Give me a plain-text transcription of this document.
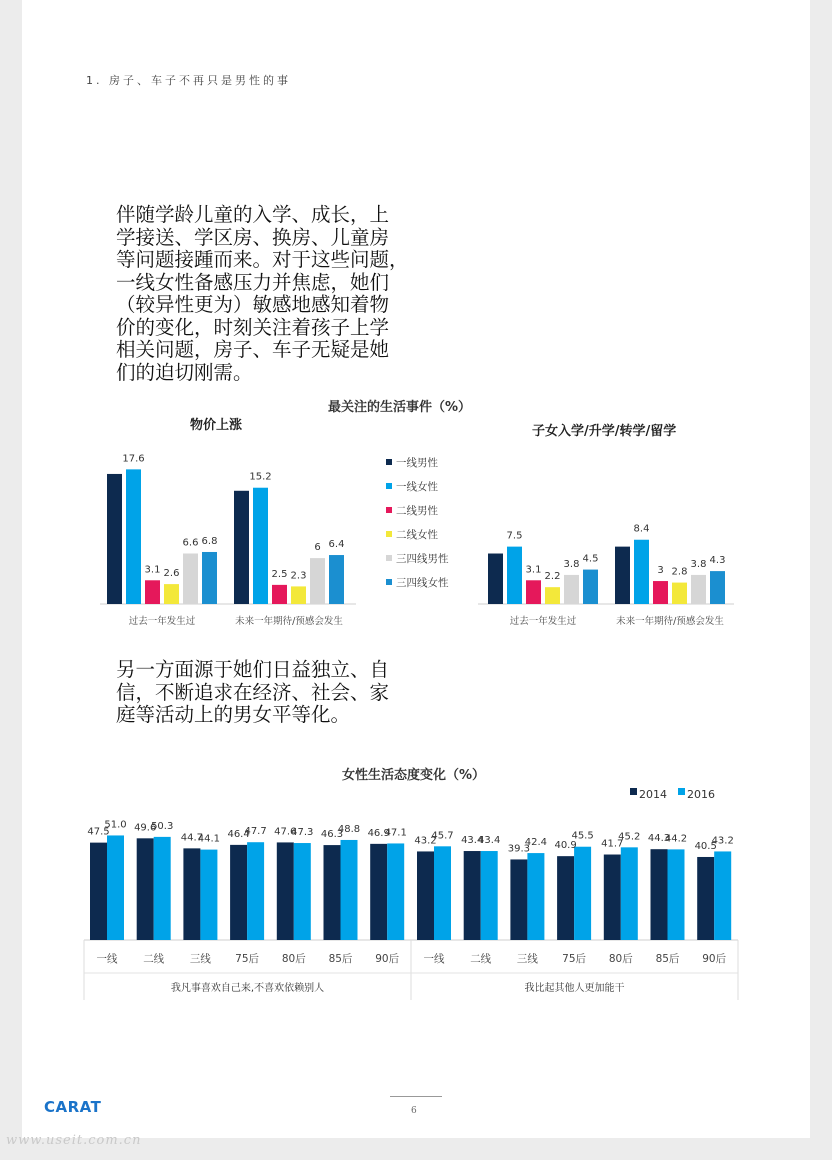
1. 房子、车子不再只是男性的事
伴随学龄儿童的入学、成长，上
学接送、学区房、换房、儿童房
等问题接踵而来。对于这些问题，
一线女性备感压力并焦虑，她们
（较异性更为）敏感地感知着物
价的变化，时刻关注着孩子上学
相关问题，房子、车子无疑是她
们的迫切刚需。
最关注的生活事件（%）
物价上涨	子女入学/升学/转学/留学
另一方面源于她们日益独立、自
信，不断追求在经济、社会、家
庭等活动上的男女平等化。
女性生活态度变化（%）
17.6
3.1 2.6
6.6 6.8
过去一年发生过
15.2
2.5 2.3
6 6.4
未来一年期待/预感会发生
7.5
3.1
2.2
3.8 4.5
过去一年发生过
8.4
3 2.8
3.8 4.3
未来一年期待/预感会发生
一线男性
一线女性
二线男性
二线女性
三四线男性
三四线女性
47.5
51.0
一线
49.6
50.3
二线
44.7
44.1
三线
46.4
47.7
75后
47.6
47.3
80后
46.3
48.8
85后
46.9
47.1
90后
我凡事喜欢自己来,不喜欢依赖别人
43.2
45.7
一线
43.4
43.4
二线
39.3
42.4
三线
40.9
45.5
75后
41.7
45.2
80后
44.3
44.2
85后
40.5
43.2
90后
我比起其他人更加能干
2014 2016
6
CARAT
www.useit.com.cn
